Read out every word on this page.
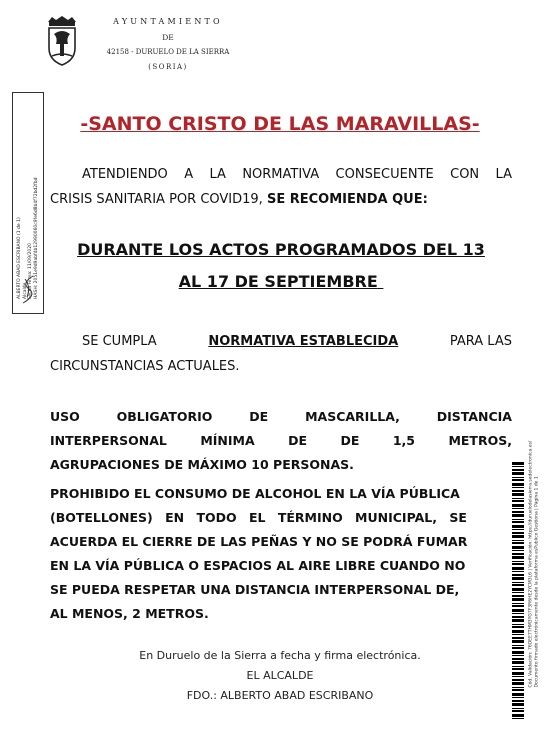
AYUNTAMIENTO
DE
42158 - DURUELO DE LA SIERRA
(SORIA)
ALBERTO ABAD ESCRIBANO (1 de 1) Alcalde Fecha Firma: 11/09/2020 HASH: 2051e9d9abf4b12990060c9fe6d8b4f72bd2fbd
-SANTO CRISTO DE LAS MARAVILLAS-
ATENDIENDO A LA NORMATIVA CONSECUENTE CON LA
CRISIS SANITARIA POR COVID19, SE RECOMIENDA QUE:
DURANTE LOS ACTOS PROGRAMADOS DEL 13
AL 17 DE SEPTIEMBRE
SE CUMPLA	NORMATIVA ESTABLECIDA	PARA LAS
CIRCUNSTANCIAS ACTUALES.
USO	OBLIGATORIO	DE	MASCARILLA,	DISTANCIA
INTERPERSONAL	MÍNIMA	DE	DE	1,5	METROS,
AGRUPACIONES DE MÁXIMO 10 PERSONAS.
PROHIBIDO EL CONSUMO DE ALCOHOL EN LA VÍA PÚBLICA
(BOTELLONES) EN TODO EL TÉRMINO MUNICIPAL, SE
ACUERDA EL CIERRE DE LAS PEÑAS Y NO SE PODRÁ FUMAR
EN LA VÍA PÚBLICA O ESPACIOS AL AIRE LIBRE CUANDO NO
SE PUEDA RESPETAR UNA DISTANCIA INTERPERSONAL DE,
AL MENOS, 2 METROS.
En Duruelo de la Sierra a fecha y firma electrónica.
EL ALCALDE
FDO.: ALBERTO ABAD ESCRIBANO
Cód. Validación: 76DEE7THM3YG7F3R6HE2YCM3L6 | Verificación: https://duruelodelasierra.sedelectronica.es/ Documento firmado electrónicamente desde la plataforma esPublico Gestiona | Página 1 de 1
